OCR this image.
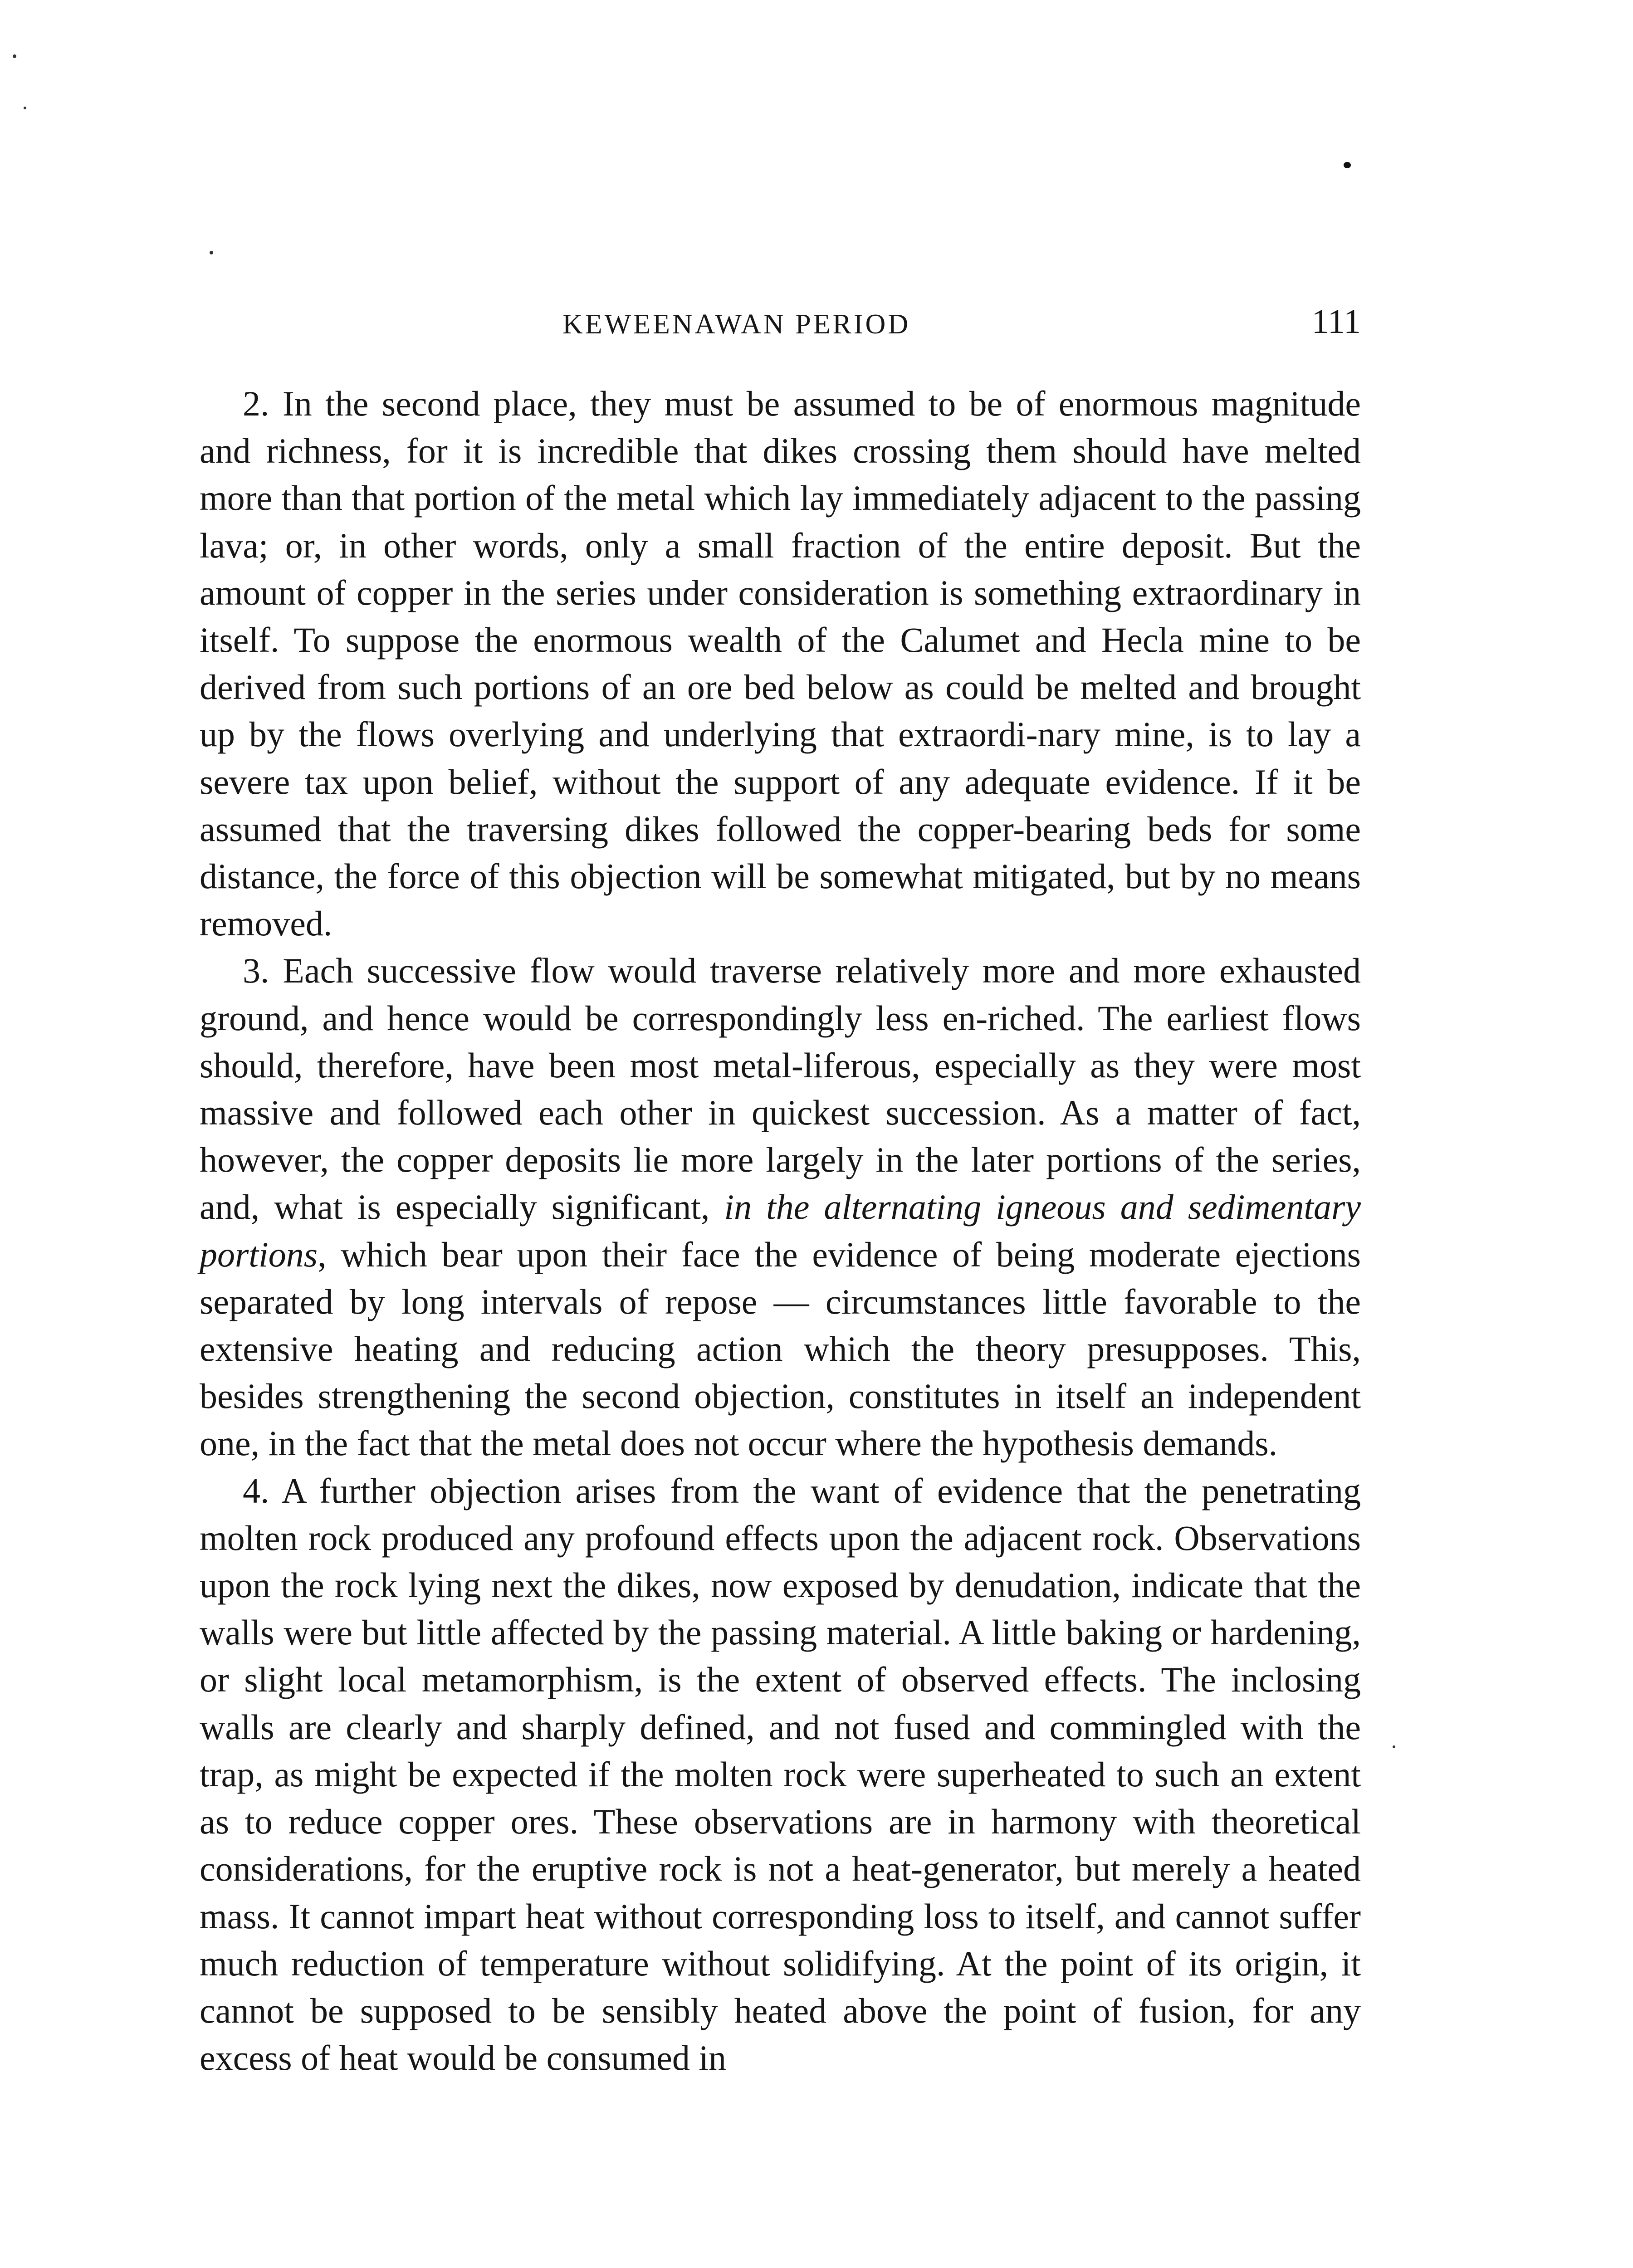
KEWEENAWAN PERIOD	111

2. In the second place, they must be assumed to be of enormous magnitude and richness, for it is incredible that dikes crossing them should have melted more than that portion of the metal which lay immediately adjacent to the passing lava; or, in other words, only a small fraction of the entire deposit. But the amount of copper in the series under consideration is something extraordinary in itself. To suppose the enormous wealth of the Calumet and Hecla mine to be derived from such portions of an ore bed below as could be melted and brought up by the flows overlying and underlying that extraordi-nary mine, is to lay a severe tax upon belief, without the support of any adequate evidence. If it be assumed that the traversing dikes followed the copper-bearing beds for some distance, the force of this objection will be somewhat mitigated, but by no means removed.

3. Each successive flow would traverse relatively more and more exhausted ground, and hence would be correspondingly less en-riched. The earliest flows should, therefore, have been most metal-liferous, especially as they were most massive and followed each other in quickest succession. As a matter of fact, however, the copper deposits lie more largely in the later portions of the series, and, what is especially significant, in the alternating igneous and sedimentary portions, which bear upon their face the evidence of being moderate ejections separated by long intervals of repose — circumstances little favorable to the extensive heating and reducing action which the theory presupposes. This, besides strengthening the second objection, constitutes in itself an independent one, in the fact that the metal does not occur where the hypothesis demands.

4. A further objection arises from the want of evidence that the penetrating molten rock produced any profound effects upon the adjacent rock. Observations upon the rock lying next the dikes, now exposed by denudation, indicate that the walls were but little affected by the passing material. A little baking or hardening, or slight local metamorphism, is the extent of observed effects. The inclosing walls are clearly and sharply defined, and not fused and commingled with the trap, as might be expected if the molten rock were superheated to such an extent as to reduce copper ores. These observations are in harmony with theoretical considerations, for the eruptive rock is not a heat-generator, but merely a heated mass. It cannot impart heat without corresponding loss to itself, and cannot suffer much reduction of temperature without solidifying. At the point of its origin, it cannot be supposed to be sensibly heated above the point of fusion, for any excess of heat would be consumed in
